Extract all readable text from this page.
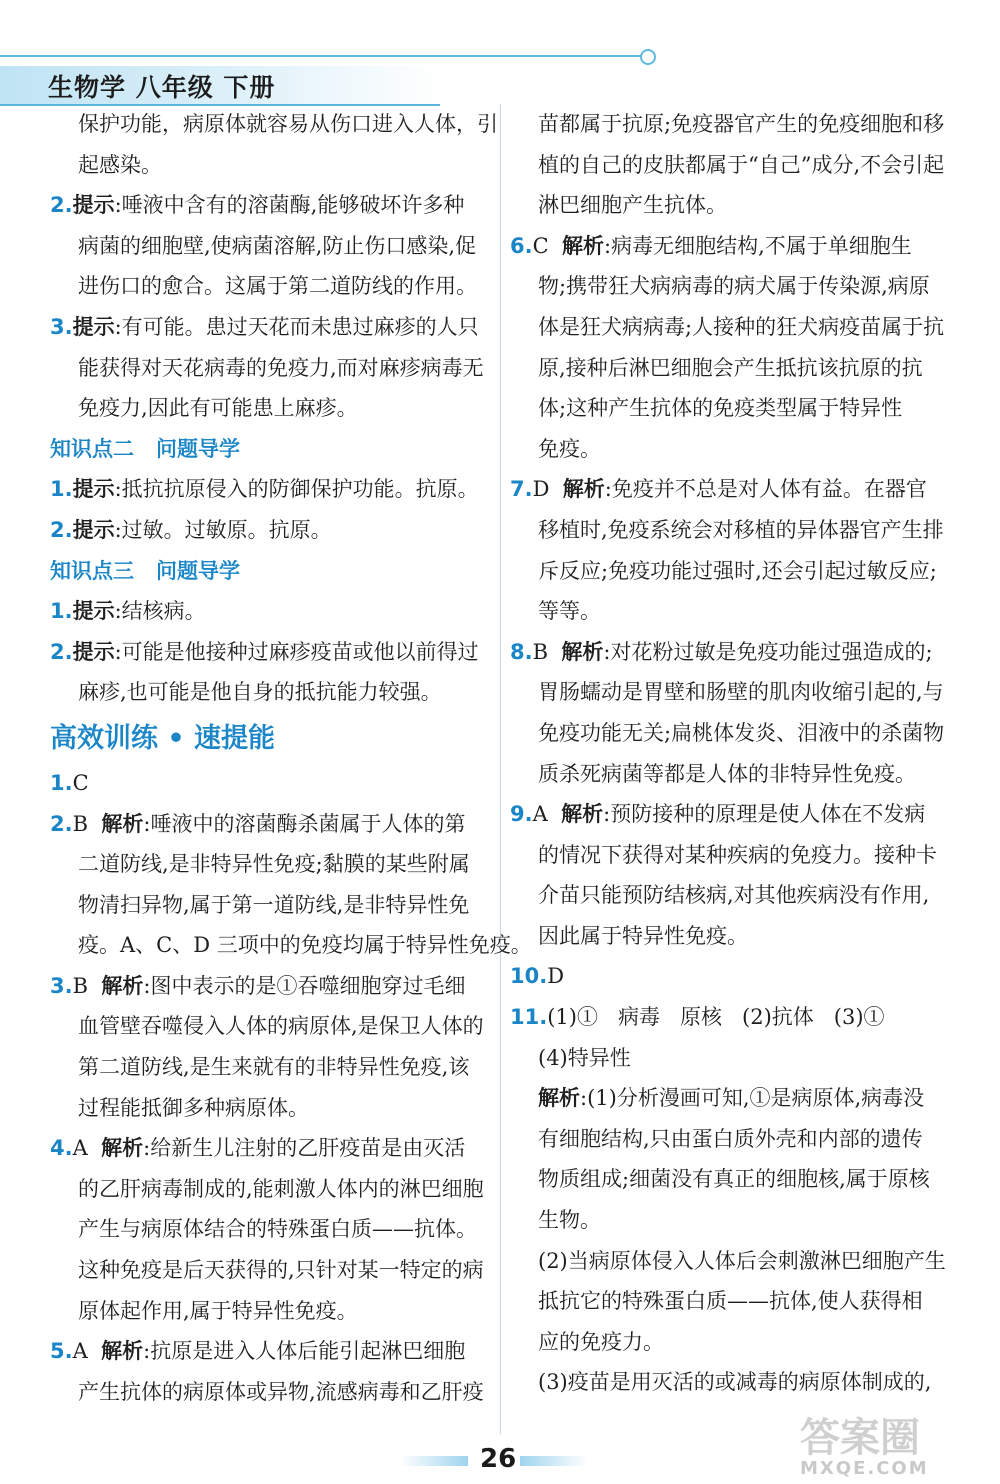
生物学 八年级 下册

保护功能，病原体就容易从伤口进入人体，引

起感染。

2.提示:唾液中含有的溶菌酶,能够破坏许多种

病菌的细胞壁,使病菌溶解,防止伤口感染,促

进伤口的愈合。这属于第二道防线的作用。

3.提示:有可能。患过天花而未患过麻疹的人只

能获得对天花病毒的免疫力,而对麻疹病毒无

免疫力,因此有可能患上麻疹。

知识点二 问题导学

1.提示:抵抗抗原侵入的防御保护功能。抗原。

2.提示:过敏。过敏原。抗原。

知识点三 问题导学

1.提示:结核病。

2.提示:可能是他接种过麻疹疫苗或他以前得过

麻疹,也可能是他自身的抵抗能力较强。

高效训练 • 速提能

1.C

2.B 解析:唾液中的溶菌酶杀菌属于人体的第

二道防线,是非特异性免疫;黏膜的某些附属

物清扫异物,属于第一道防线,是非特异性免

疫。A、C、D 三项中的免疫均属于特异性免疫。

3.B 解析:图中表示的是①吞噬细胞穿过毛细

血管壁吞噬侵入人体的病原体,是保卫人体的

第二道防线,是生来就有的非特异性免疫,该

过程能抵御多种病原体。

4.A 解析:给新生儿注射的乙肝疫苗是由灭活

的乙肝病毒制成的,能刺激人体内的淋巴细胞

产生与病原体结合的特殊蛋白质——抗体。

这种免疫是后天获得的,只针对某一特定的病

原体起作用,属于特异性免疫。

5.A 解析:抗原是进入人体后能引起淋巴细胞

产生抗体的病原体或异物,流感病毒和乙肝疫

苗都属于抗原;免疫器官产生的免疫细胞和移

植的自己的皮肤都属于“自己”成分,不会引起

淋巴细胞产生抗体。

6.C 解析:病毒无细胞结构,不属于单细胞生

物;携带狂犬病病毒的病犬属于传染源,病原

体是狂犬病病毒;人接种的狂犬病疫苗属于抗

原,接种后淋巴细胞会产生抵抗该抗原的抗

体;这种产生抗体的免疫类型属于特异性

免疫。

7.D 解析:免疫并不总是对人体有益。在器官

移植时,免疫系统会对移植的异体器官产生排

斥反应;免疫功能过强时,还会引起过敏反应;

等等。

8.B 解析:对花粉过敏是免疫功能过强造成的;

胃肠蠕动是胃壁和肠壁的肌肉收缩引起的,与

免疫功能无关;扁桃体发炎、泪液中的杀菌物

质杀死病菌等都是人体的非特异性免疫。

9.A 解析:预防接种的原理是使人体在不发病

的情况下获得对某种疾病的免疫力。接种卡

介苗只能预防结核病,对其他疾病没有作用,

因此属于特异性免疫。

10.D

11.(1)①   病毒   原核   (2)抗体   (3)①

(4)特异性

解析:(1)分析漫画可知,①是病原体,病毒没

有细胞结构,只由蛋白质外壳和内部的遗传

物质组成;细菌没有真正的细胞核,属于原核

生物。

(2)当病原体侵入人体后会刺激淋巴细胞产生

抵抗它的特殊蛋白质——抗体,使人获得相

应的免疫力。

(3)疫苗是用灭活的或减毒的病原体制成的,

26	答案圈
MXQE.COM
